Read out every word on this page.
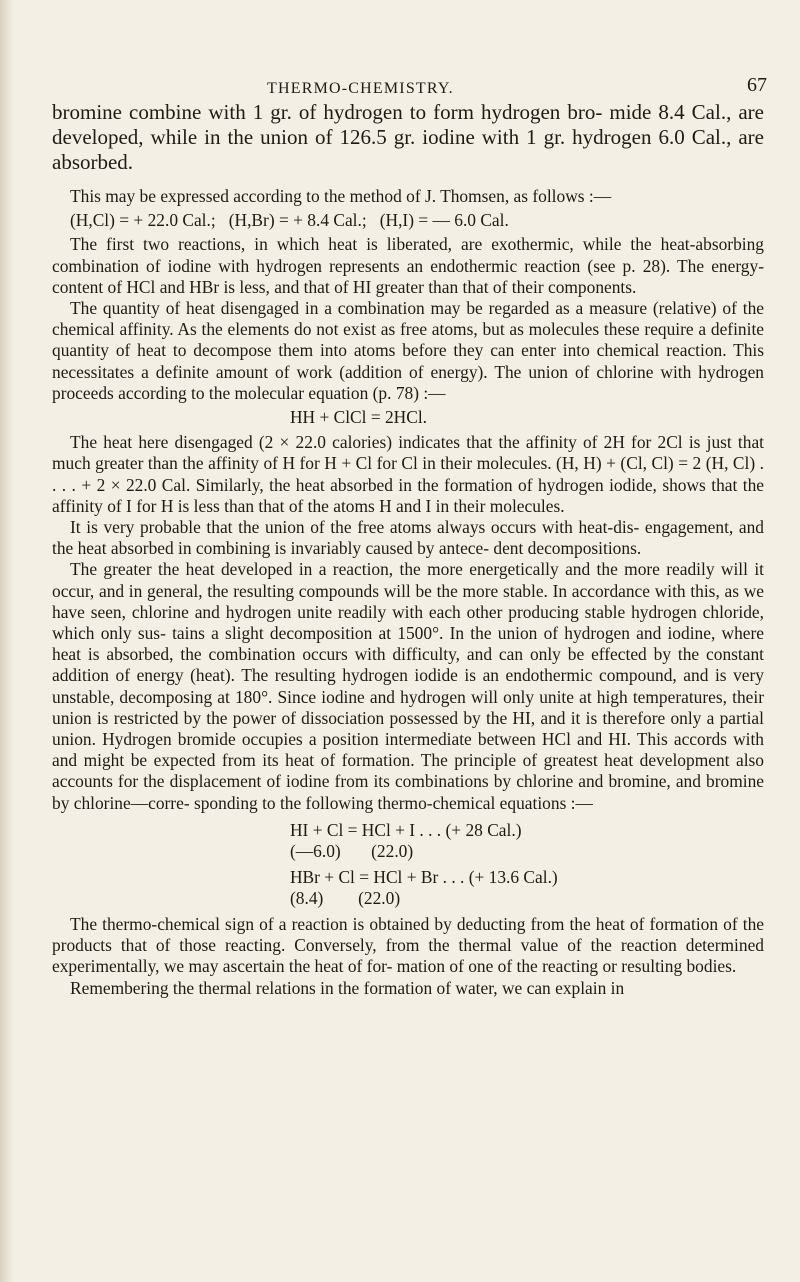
THERMO-CHEMISTRY.	67

bromine combine with 1 gr. of hydrogen to form hydrogen bro- mide 8.4 Cal., are developed, while in the union of 126.5 gr. iodine with 1 gr. hydrogen 6.0 Cal., are absorbed.

This may be expressed according to the method of J. Thomsen, as follows :—

(H,Cl) = + 22.0 Cal.;   (H,Br) = + 8.4 Cal.;   (H,I) = — 6.0 Cal.

The first two reactions, in which heat is liberated, are exothermic, while the heat-absorbing combination of iodine with hydrogen represents an endothermic reaction (see p. 28). The energy-content of HCl and HBr is less, and that of HI greater than that of their components.

The quantity of heat disengaged in a combination may be regarded as a measure (relative) of the chemical affinity. As the elements do not exist as free atoms, but as molecules these require a definite quantity of heat to decompose them into atoms before they can enter into chemical reaction. This necessitates a definite amount of work (addition of energy). The union of chlorine with hydrogen proceeds according to the molecular equation (p. 78) :—

HH + ClCl = 2HCl.

The heat here disengaged (2 × 22.0 calories) indicates that the affinity of 2H for 2Cl is just that much greater than the affinity of H for H + Cl for Cl in their molecules. (H, H) + (Cl, Cl) = 2 (H, Cl) . . . . + 2 × 22.0 Cal. Similarly, the heat absorbed in the formation of hydrogen iodide, shows that the affinity of I for H is less than that of the atoms H and I in their molecules.

It is very probable that the union of the free atoms always occurs with heat-dis- engagement, and the heat absorbed in combining is invariably caused by antece- dent decompositions.

The greater the heat developed in a reaction, the more energetically and the more readily will it occur, and in general, the resulting compounds will be the more stable. In accordance with this, as we have seen, chlorine and hydrogen unite readily with each other producing stable hydrogen chloride, which only sus- tains a slight decomposition at 1500°. In the union of hydrogen and iodine, where heat is absorbed, the combination occurs with difficulty, and can only be effected by the constant addition of energy (heat). The resulting hydrogen iodide is an endothermic compound, and is very unstable, decomposing at 180°. Since iodine and hydrogen will only unite at high temperatures, their union is restricted by the power of dissociation possessed by the HI, and it is therefore only a partial union. Hydrogen bromide occupies a position intermediate between HCl and HI. This accords with and might be expected from its heat of formation. The principle of greatest heat development also accounts for the displacement of iodine from its combinations by chlorine and bromine, and bromine by chlorine—corre- sponding to the following thermo-chemical equations :—

HI + Cl = HCl + I . . . (+ 28 Cal.)
(—6.0)       (22.0)
HBr + Cl = HCl + Br . . . (+ 13.6 Cal.)
(8.4)        (22.0)

The thermo-chemical sign of a reaction is obtained by deducting from the heat of formation of the products that of those reacting. Conversely, from the thermal value of the reaction determined experimentally, we may ascertain the heat of for- mation of one of the reacting or resulting bodies.

Remembering the thermal relations in the formation of water, we can explain in
